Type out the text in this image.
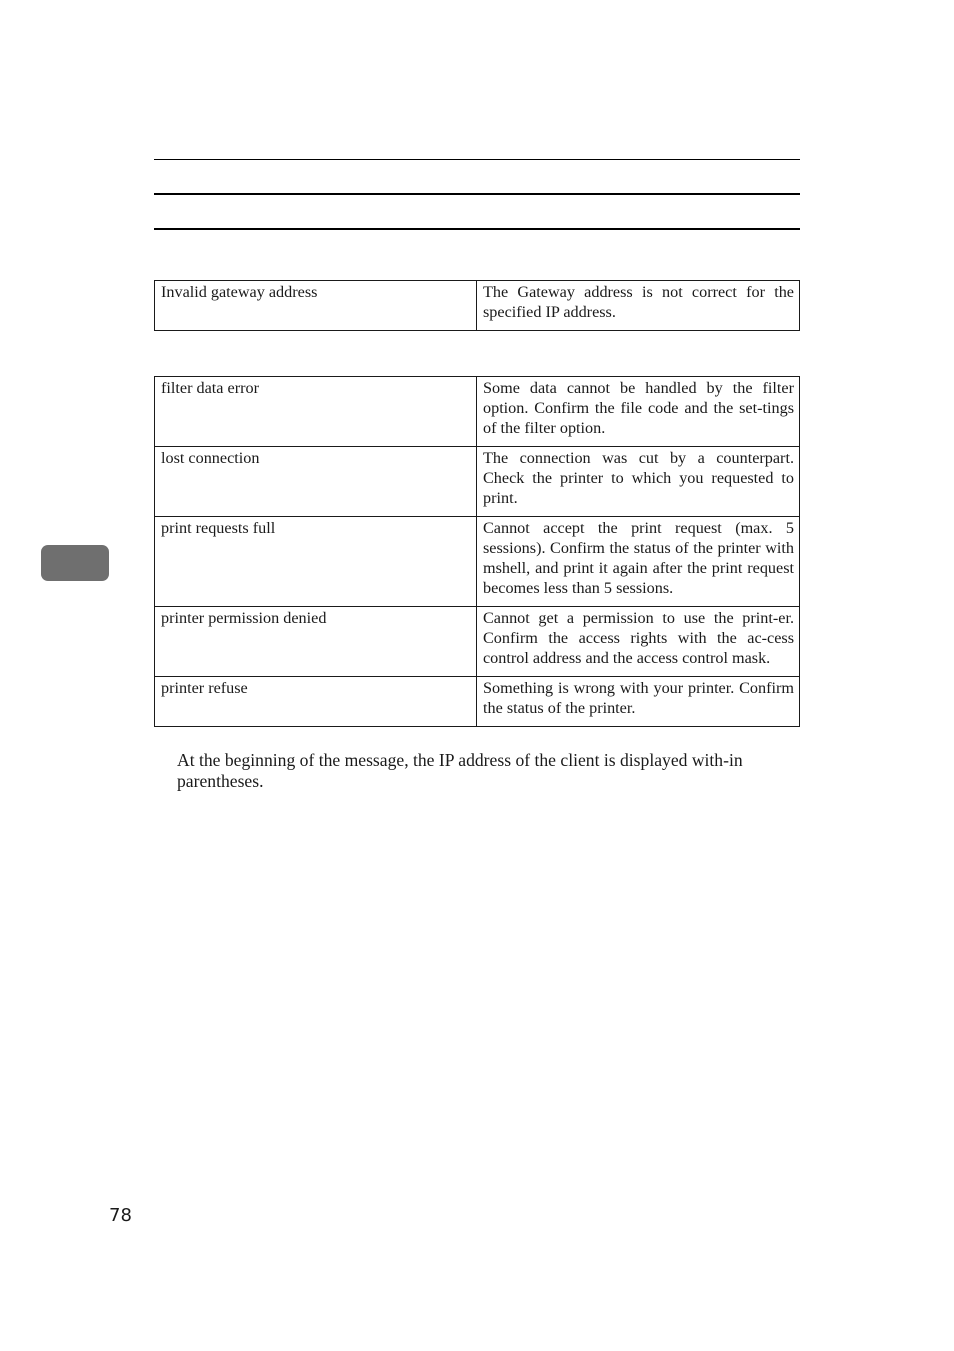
Invalid gateway address	The Gateway address is not correct for the specified IP address.
filter data error	Some data cannot be handled by the filter option. Confirm the file code and the set-tings of the filter option.
lost connection	The connection was cut by a counterpart. Check the printer to which you requested to print.
print requests full	Cannot accept the print request (max. 5 sessions). Confirm the status of the printer with mshell, and print it again after the print request becomes less than 5 sessions.
printer permission denied	Cannot get a permission to use the print-er. Confirm the access rights with the ac-cess control address and the access control mask.
printer refuse	Something is wrong with your printer. Confirm the status of the printer.
At the beginning of the message, the IP address of the client is displayed with-in parentheses.
78
